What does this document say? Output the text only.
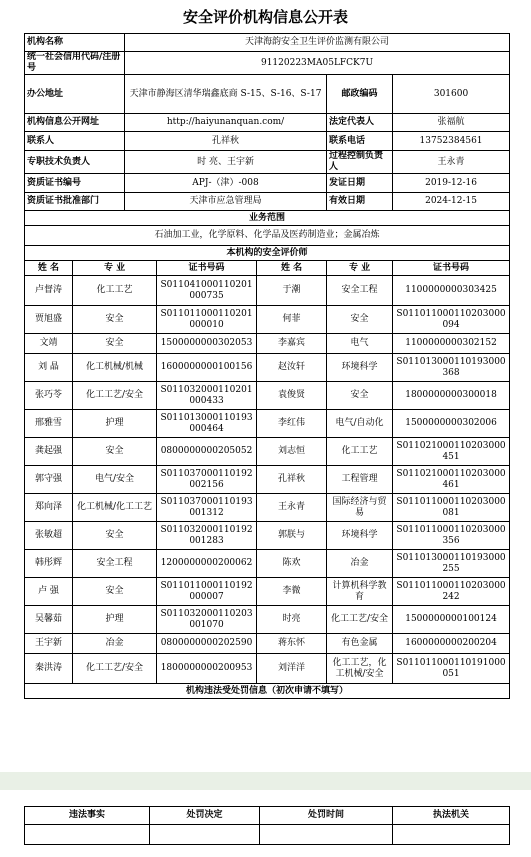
安全评价机构信息公开表
机构名称		天津海韵安全卫生评价监测有限公司				
统一社会信用代码/注册号		91120223MA05LFCK7U				
办公地址		天津市静海区清华瑞鑫底商 S-15、S-16、S-17			邮政编码	301600
机构信息公开网址		http://haiyunanquan.com/			法定代表人	张福航
联系人		孔祥秋			联系电话	13752384561
专职技术负责人		时 亮、王宇新			过程控制负责人	王永青
资质证书编号		APJ-（津）-008			发证日期	2019-12-16
资质证书批准部门		天津市应急管理局			有效日期	2024-12-15
业务范围						
石油加工业，化学原料、化学品及医药制造业；金属冶炼						
本机构的安全评价师						
姓 名	专 业		证书号码	姓 名	专 业	证书号码
卢督涛	化工工艺		S011041000110201000735	于潮	安全工程	1100000000303425
贾旭盛	安全		S011011000110201000010	何菲	安全	S011011000110203000094
文靖	安全		1500000000302053	李嘉宾	电气	1100000000302152
刘 晶	化工机械/机械		1600000000100156	赵汝轩	环境科学	S011013000110193000368
张巧苓	化工工艺/安全		S011032000110201000433	袁俊贤	安全	1800000000300018
邢雅雪	护理		S011013000110193000464	李红伟	电气/自动化	1500000000302006
龚起强	安全		0800000000205052	刘志恒	化工工艺	S011021000110203000451
郭守强	电气/安全		S011037000110192002156	孔祥秋	工程管理	S011021000110203000461
郑向泽	化工机械/化工工艺		S011037000110193001312	王永青	国际经济与贸易	S011011000110203000081
张敏超	安全		S011032000110192001283	郭朕与	环境科学	S011011000110203000356
韩彤辉	安全工程		1200000000200062	陈欢	冶金	S011013000110193000255
卢 强	安全		S011011000110192000007	李微	计算机科学教育	S011011000110203000242
吴馨茹	护理		S011032000110203001070	时亮	化工工艺/安全	1500000000100124
王宇新	冶金		0800000000202590	蒋东怀	有色金属	1600000000200204
秦洪涛	化工工艺/安全		1800000000200953	刘洋洋	化工工艺，化工机械/安全	S011011000110191000051
机构违法受处罚信息（初次申请不填写）						
违法事实	处罚决定	处罚时间	执法机关
